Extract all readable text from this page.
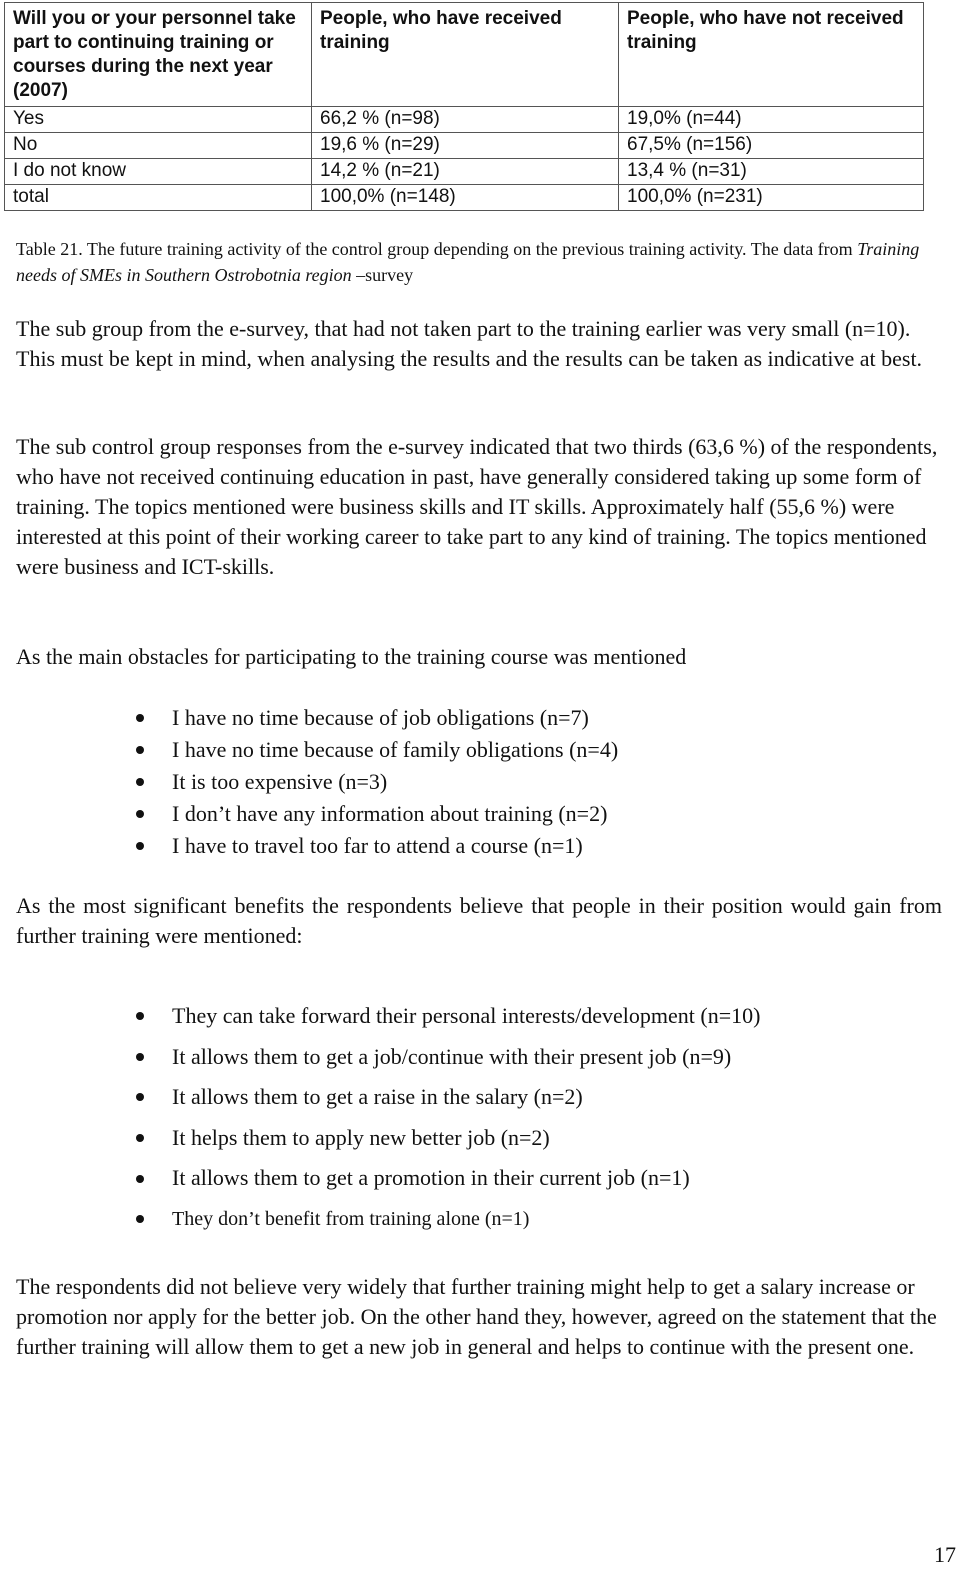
Will you or your personnel take part to continuing training or courses during the next year (2007)	People, who have received training	People, who have not received training
Yes	66,2 % (n=98)	19,0% (n=44)
No	19,6 % (n=29)	67,5% (n=156)
I do not know	14,2 % (n=21)	13,4 % (n=31)
total	100,0% (n=148)	100,0% (n=231)
Table 21. The future training activity of the control group depending on the previous training activity. The data from Training needs of SMEs in Southern Ostrobotnia region –survey
The sub group from the e-survey, that had not taken part to the training earlier was very small (n=10). This must be kept in mind, when analysing the results and the results can be taken as indicative at best.
The sub control group responses from the e-survey indicated that two thirds (63,6 %) of the respondents, who have not received continuing education in past, have generally considered taking up some form of training. The topics mentioned were business skills and IT skills. Approximately half (55,6 %) were interested at this point of their working career to take part to any kind of training. The topics mentioned were business and ICT-skills.
As the main obstacles for participating to the training course was mentioned
I have no time because of job obligations (n=7)
I have no time because of family obligations (n=4)
It is too expensive (n=3)
I don’t have any information about training (n=2)
I have to travel too far to attend a course (n=1)
As the most significant benefits the respondents believe that people in their position would gain from further training were mentioned:
They can take forward their personal interests/development (n=10)
It allows them to get a job/continue with their present job (n=9)
It allows them to get a raise in the salary (n=2)
It helps them to apply new better job (n=2)
It allows them to get a promotion in their current job (n=1)
They don’t benefit from training alone (n=1)
The respondents did not believe very widely that further training might help to get a salary increase or promotion nor apply for the better job. On the other hand they, however, agreed on the statement that the further training will allow them to get a new job in general and helps to continue with the present one.
17
